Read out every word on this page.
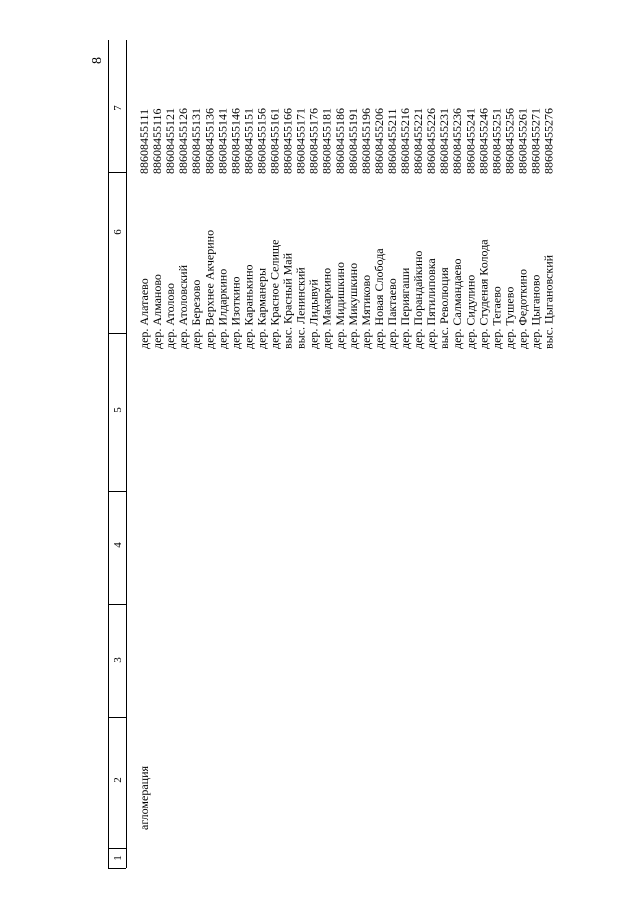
8
1
2
3
4
5
6
7
дер. Алатаево
88608455111
дер. Алманово
88608455116
дер. Атолово
88608455121
дер. Атоловский
88608455126
дер. Березово
88608455131
дер. Верхнее Акчерино
88608455136
дер. Илдаркино
88608455141
дер. Изоткино
88608455146
дер. Каранькино
88608455151
дер. Карманеры
88608455156
дер. Красное Селище
88608455161
выс. Красный Май
88608455166
выс. Ленинский
88608455171
дер. Лидывуй
88608455176
дер. Макаркино
88608455181
дер. Мидишкино
88608455186
дер. Микушкино
88608455191
дер. Мятиково
88608455196
дер. Новая Слобода
88608455206
дер. Пактаево
88608455211
дер. Периягаши
88608455216
дер. Порандайкино
88608455221
дер. Пятилиповка
88608455226
выс. Революция
88608455231
дер. Салмандаево
88608455236
дер. Сидулино
88608455241
дер. Студеная Колода
88608455246
дер. Тегаево
88608455251
дер. Тушево
88608455256
дер. Федоткино
88608455261
дер. Цыганово
88608455271
выс. Цыгановский
88608455276
агломерация
